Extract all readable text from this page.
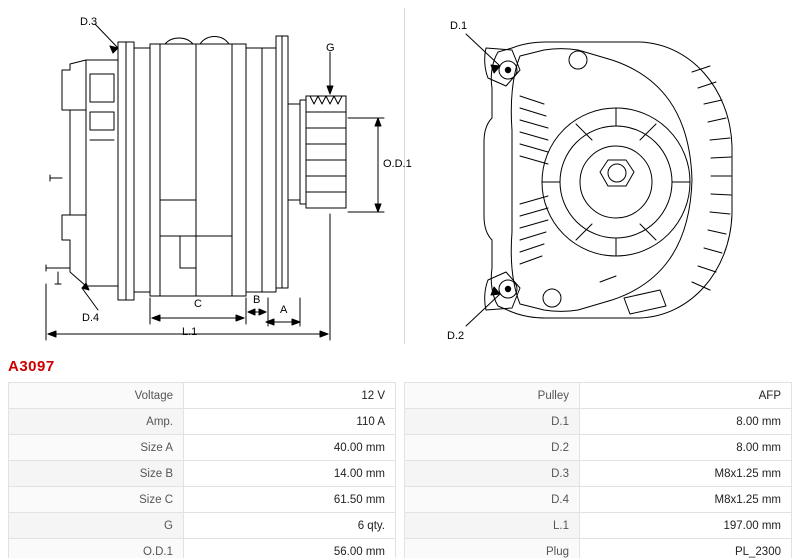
D.3
G
O.D.1
C	B
A
D.4
L.1
D.1
D.2
A3097
Voltage	12 V
Amp.	110 A
Size A	40.00 mm
Size B	14.00 mm
Size C	61.50 mm
G	6 qty.
O.D.1	56.00 mm
Pulley	AFP
D.1	8.00 mm
D.2	8.00 mm
D.3	M8x1.25 mm
D.4	M8x1.25 mm
L.1	197.00 mm
Plug	PL_2300
